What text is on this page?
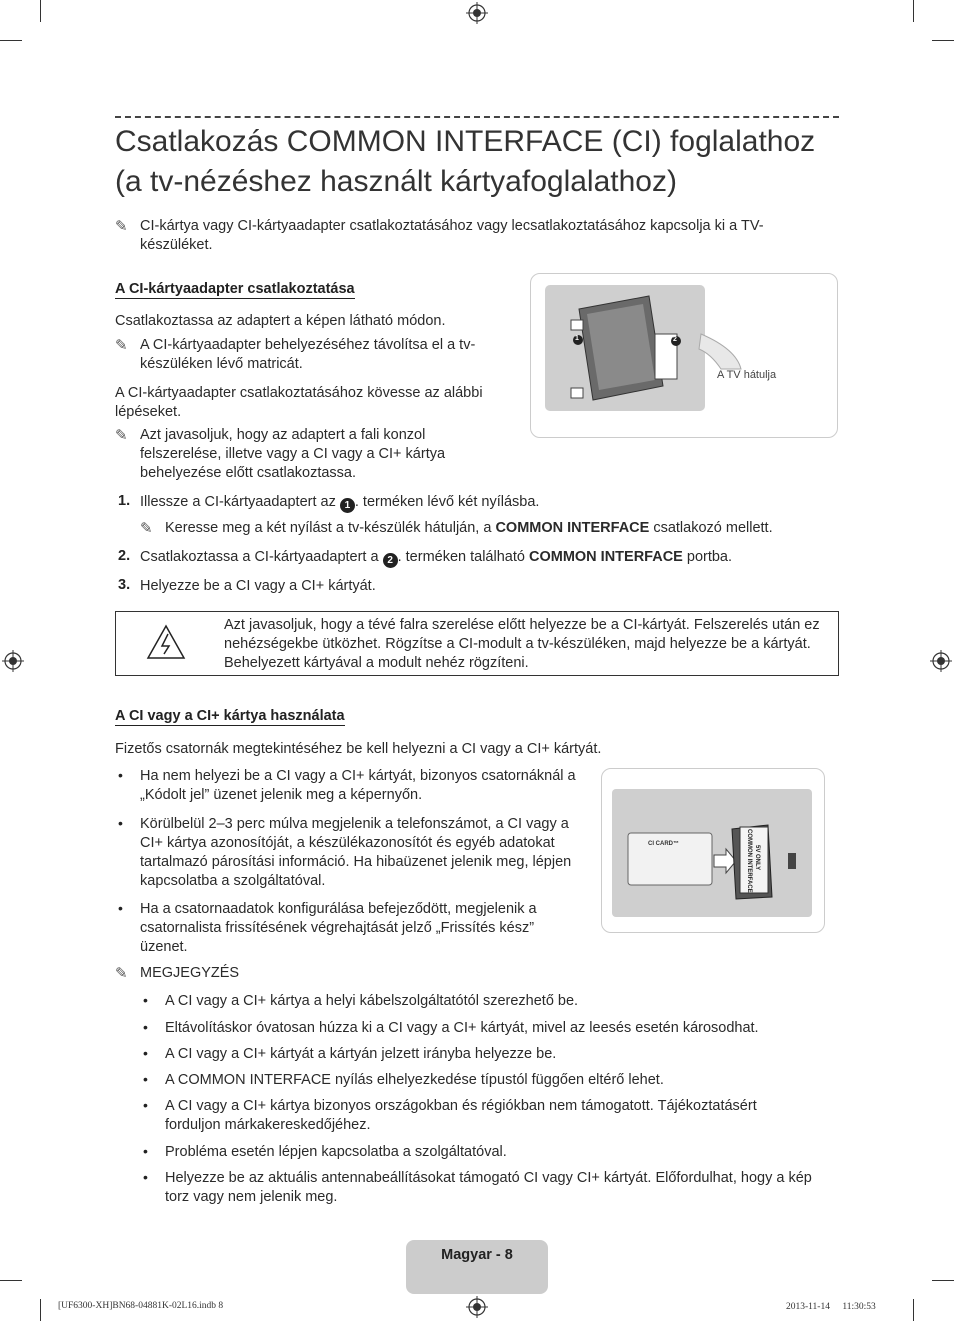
Csatlakozás COMMON INTERFACE (CI) foglalathoz
(a tv-nézéshez használt kártyafoglalathoz)
✎ CI-kártya vagy CI-kártyaadapter csatlakoztatásához vagy lecsatlakoztatásához kapcsolja ki a TV-készüléket.
A CI-kártyaadapter csatlakoztatása
Csatlakoztassa az adaptert a képen látható módon.
✎ A CI-kártyaadapter behelyezéséhez távolítsa el a tv-készüléken lévő matricát.
A CI-kártyaadapter csatlakoztatásához kövesse az alábbi lépéseket.
✎ Azt javasoljuk, hogy az adaptert a fali konzol felszerelése, illetve vagy a CI vagy a CI+ kártya behelyezése előtt csatlakoztassa.
1	2
A TV hátulja
1. Illessze a CI-kártyaadaptert az 1 . terméken lévő két nyílásba.
✎ Keresse meg a két nyílást a tv-készülék hátulján, a COMMON INTERFACE csatlakozó mellett.
2. Csatlakoztassa a CI-kártyaadaptert a 2 . terméken található COMMON INTERFACE portba.
3. Helyezze be a CI vagy a CI+ kártyát.
Azt javasoljuk, hogy a tévé falra szerelése előtt helyezze be a CI-kártyát. Felszerelés után ez nehézségekbe ütközhet. Rögzítse a CI-modult a tv-készüléken, majd helyezze be a kártyát. Behelyezett kártyával a modult nehéz rögzíteni.
A CI vagy a CI+ kártya használata
Fizetős csatornák megtekintéséhez be kell helyezni a CI vagy a CI+ kártyát.
• Ha nem helyezi be a CI vagy a CI+ kártyát, bizonyos csatornáknál a „Kódolt jel” üzenet jelenik meg a képernyőn.
• Körülbelül 2–3 perc múlva megjelenik a telefonszámot, a CI vagy a CI+ kártya azonosítóját, a készülékazonosítót és egyéb adatokat tartalmazó párosítási információ. Ha hibaüzenet jelenik meg, lépjen kapcsolatba a szolgáltatóval.
• Ha a csatornaadatok konfigurálása befejeződött, megjelenik a csatornalista frissítésének végrehajtását jelző „Frissítés kész” üzenet.
CI CARD™	COMMON INTERFACE 5V ONLY
✎ MEGJEGYZÉS
• A CI vagy a CI+ kártya a helyi kábelszolgáltatótól szerezhető be.
• Eltávolításkor óvatosan húzza ki a CI vagy a CI+ kártyát, mivel az leesés esetén károsodhat.
• A CI vagy a CI+ kártyát a kártyán jelzett irányba helyezze be.
• A COMMON INTERFACE nyílás elhelyezkedése típustól függően eltérő lehet.
• A CI vagy a CI+ kártya bizonyos országokban és régiókban nem támogatott. Tájékoztatásért forduljon márkakereskedőjéhez.
• Probléma esetén lépjen kapcsolatba a szolgáltatóval.
• Helyezze be az aktuális antennabeállításokat támogató CI vagy CI+ kártyát. Előfordulhat, hogy a kép torz vagy nem jelenik meg.
Magyar - 8
[UF6300-XH]BN68-04881K-02L16.indb 8	2013-11-14  11:30:53
